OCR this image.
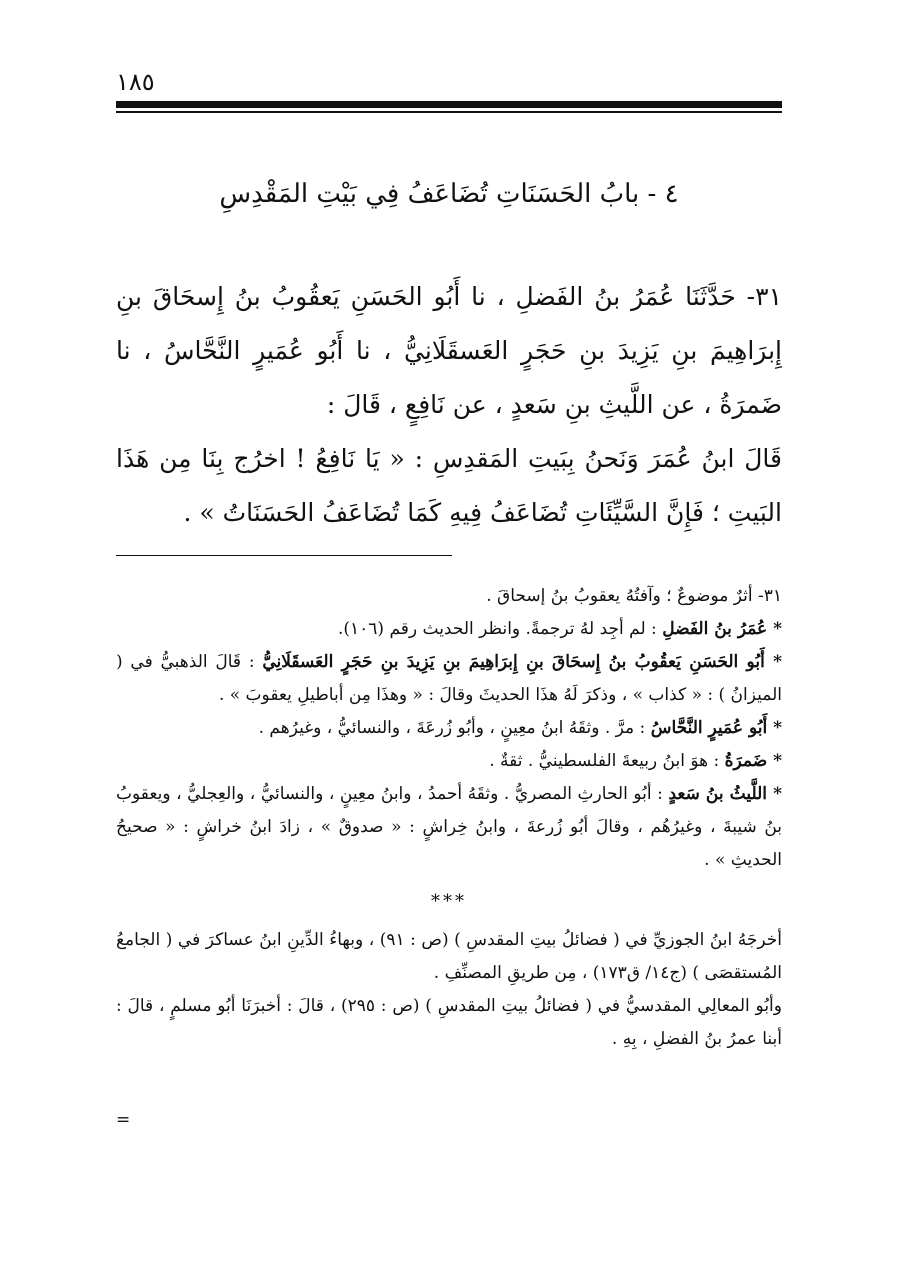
١٨٥
٤ - بابُ الحَسَنَاتِ تُضَاعَفُ فِي بَيْتِ المَقْدِسِ

٣١- حَدَّثَنَا عُمَرُ بنُ الفَضلِ ، نا أَبُو الحَسَنِ يَعقُوبُ بنُ إِسحَاقَ بنِ إِبرَاهِيمَ بنِ يَزِيدَ بنِ حَجَرٍ العَسقَلَانِيُّ ، نا أَبُو عُمَيرٍ النَّحَّاسُ ، نا ضَمرَةُ ، عن اللَّيثِ بنِ سَعدٍ ، عن نَافِعٍ ، قَالَ :

قَالَ ابنُ عُمَرَ وَنَحنُ بِبَيتِ المَقدِسِ : « يَا نَافِعُ ! اخرُج بِنَا مِن هَذَا البَيتِ ؛ فَإِنَّ السَّيِّئَاتِ تُضَاعَفُ فِيهِ كَمَا تُضَاعَفُ الحَسَنَاتُ » .

٣١- أثرٌ موضوعٌ ؛ وآفتُهُ يعقوبُ بنُ إسحاقَ .

* عُمَرُ بنُ الفَضلِ : لم أجِد لهُ ترجمةً. وانظر الحديث رقم (١٠٦).

* أَبُو الحَسَنِ يَعقُوبُ بنُ إِسحَاقَ بنِ إِبرَاهِيمَ بنِ يَزِيدَ بنِ حَجَرٍ العَسقَلَانِيُّ : قَالَ الذهبيُّ في ( الميزانُ ) : « كذاب » ، وذكرَ لَهُ هذَا الحديثَ وقالَ : « وهذَا مِن أباطيلِ يعقوبَ » .

* أَبُو عُمَيرٍ النَّحَّاسُ : مرَّ . وثقَهُ ابنُ معِينٍ ، وأبُو زُرعَةَ ، والنسائيُّ ، وغيرُهم .

* ضَمرَةُ : هوَ ابنُ ربيعةَ الفلسطينيُّ . ثقةٌ .

* اللَّيثُ بنُ سَعدٍ : أبُو الحارثِ المصريُّ . وثقَهُ أحمدُ ، وابنُ معِينٍ ، والنسائيُّ ، والعِجليُّ ، ويعقوبُ بنُ شيبةَ ، وغيرُهُم ، وقالَ أبُو زُرعةَ ، وابنُ خِراشٍ : « صدوقٌ » ، زادَ ابنُ خراشٍ : « صحيحُ الحديثِ » .

***

أخرجَهُ ابنُ الجوزيِّ في ( فضائلُ بيتِ المقدسِ ) (ص : ٩١) ، وبهاءُ الدِّينِ ابنُ عساكرَ في ( الجامعُ المُستقصَى ) (ج١٤/ ق١٧٣) ، مِن طريقِ المصنِّفِ .

وأبُو المعالِي المقدسيُّ في ( فضائلُ بيتِ المقدسِ ) (ص : ٢٩٥) ، قالَ : أخبرَنَا أبُو مسلمٍ ، قالَ : أبنا عمرُ بنُ الفضلِ ، بِهِ .

=
